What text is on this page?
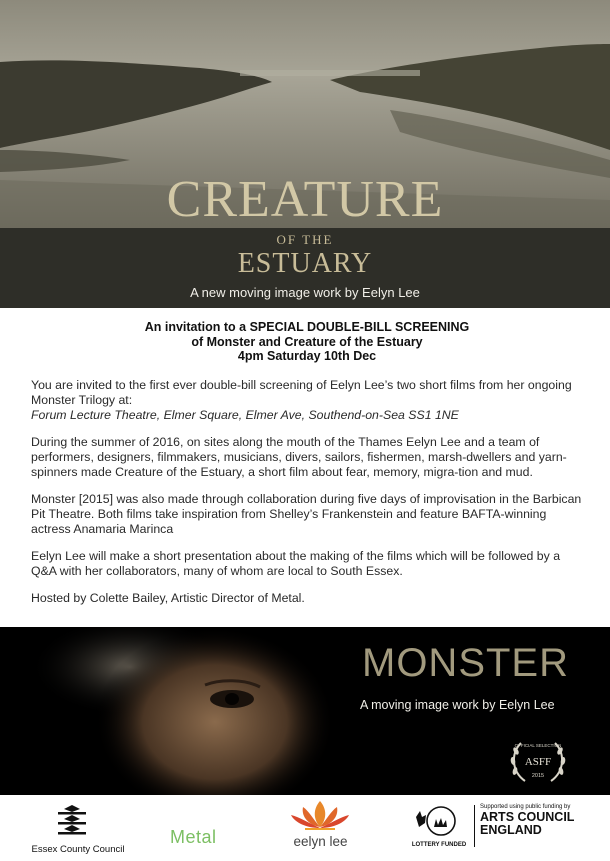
CREATURE
OF THE
ESTUARY
A new moving image work by Eelyn Lee
An invitation to a SPECIAL DOUBLE-BILL SCREENING
of Monster and Creature of the Estuary
4pm Saturday 10th Dec

You are invited to the first ever double-bill screening of Eelyn Lee’s two short films from her ongoing Monster Trilogy at:
Forum Lecture Theatre, Elmer Square, Elmer Ave, Southend-on-Sea SS1 1NE

During the summer of 2016, on sites along the mouth of the Thames Eelyn Lee and a team of performers, designers, filmmakers, musicians, divers, sailors, fishermen, marsh-dwellers and yarn-spinners made Creature of the Estuary, a short film about fear, memory, migra-tion and mud.

Monster [2015] was also made through collaboration during five days of improvisation in the Barbican Pit Theatre. Both films take inspiration from Shelley’s Frankenstein and feature BAFTA-winning actress Anamaria Marinca

Eelyn Lee will make a short presentation about the making of the films which will be followed by a Q&A with her collaborators, many of whom are local to South Essex.

Hosted by Colette Bailey, Artistic Director of Metal.

OFFICIAL SELECTION
ASFF
2015
MONSTER
A moving image work by Eelyn Lee
Essex County Council
Metal	eelyn lee	LOTTERY FUNDED
Supported using public funding by
ARTS COUNCIL
ENGLAND
